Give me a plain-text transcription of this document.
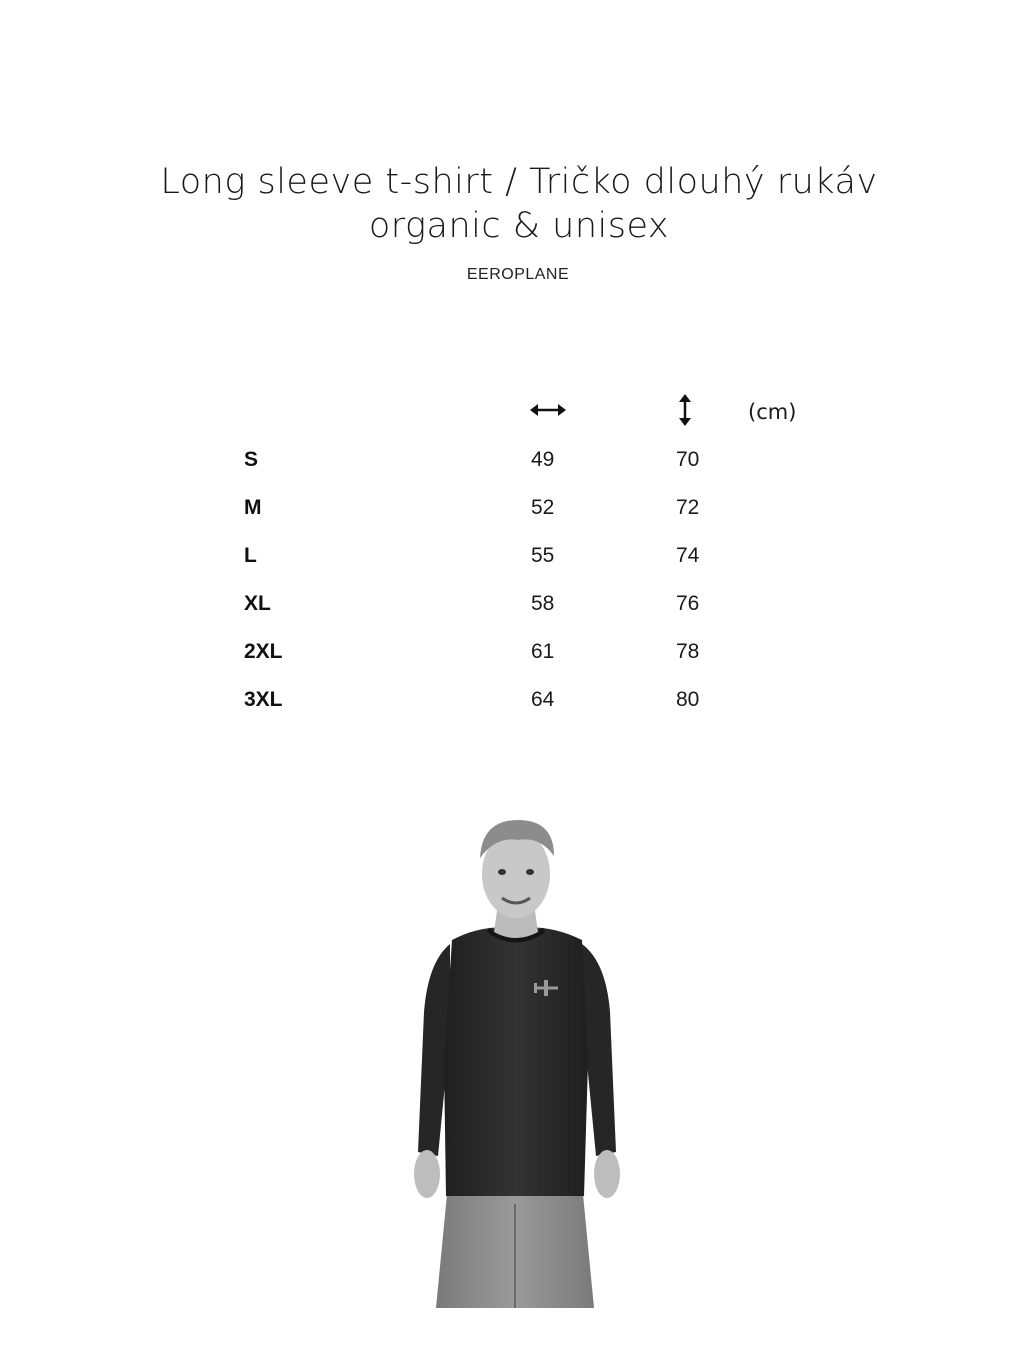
Long sleeve t-shirt / Tričko dlouhý rukáv
organic & unisex
EEROPLANE
(cm)
S	49	70
M	52	72
L	55	74
XL	58	76
2XL	61	78
3XL	64	80
